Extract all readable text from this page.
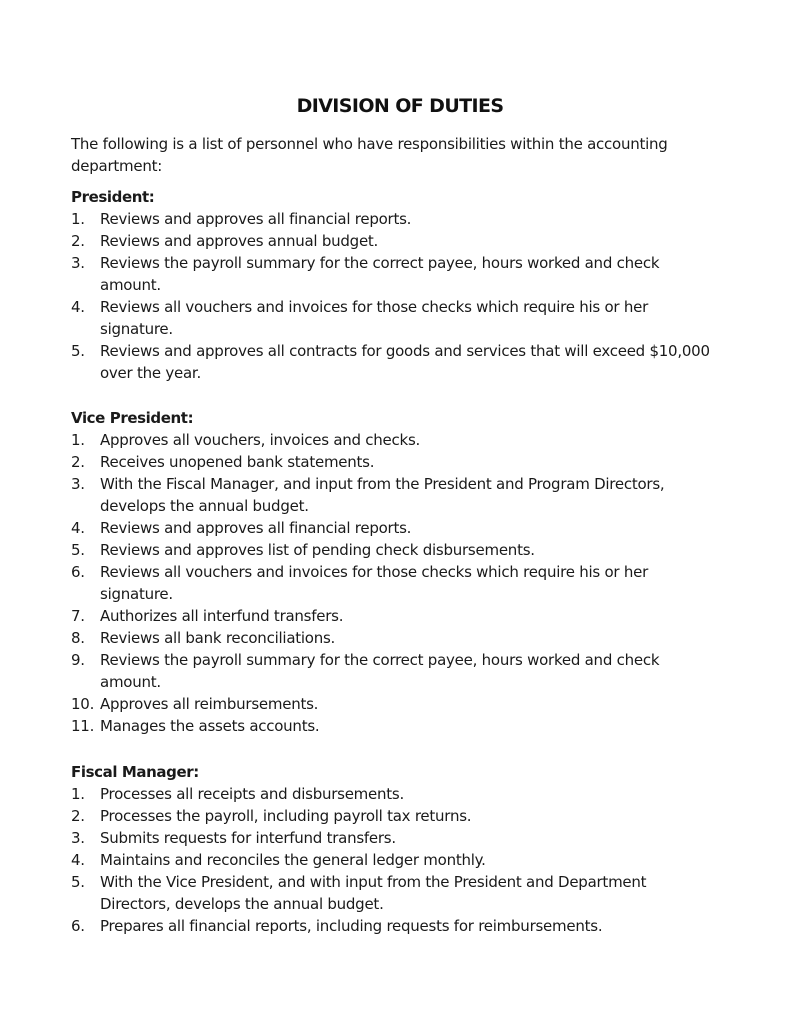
DIVISION OF DUTIES

The following is a list of personnel who have responsibilities within the accounting department:

President:

1. Reviews and approves all financial reports.
2. Reviews and approves annual budget.
3. Reviews the payroll summary for the correct payee, hours worked and check amount.
4. Reviews all vouchers and invoices for those checks which require his or her signature.
5. Reviews and approves all contracts for goods and services that will exceed $10,000 over the year.

Vice President:

1. Approves all vouchers, invoices and checks.
2. Receives unopened bank statements.
3. With the Fiscal Manager, and input from the President and Program Directors, develops the annual budget.
4. Reviews and approves all financial reports.
5. Reviews and approves list of pending check disbursements.
6. Reviews all vouchers and invoices for those checks which require his or her signature.
7. Authorizes all interfund transfers.
8. Reviews all bank reconciliations.
9. Reviews the payroll summary for the correct payee, hours worked and check amount.
10. Approves all reimbursements.
11. Manages the assets accounts.

Fiscal Manager:

1. Processes all receipts and disbursements.
2. Processes the payroll, including payroll tax returns.
3. Submits requests for interfund transfers.
4. Maintains and reconciles the general ledger monthly.
5. With the Vice President, and with input from the President and Department Directors, develops the annual budget.
6. Prepares all financial reports, including requests for reimbursements.
